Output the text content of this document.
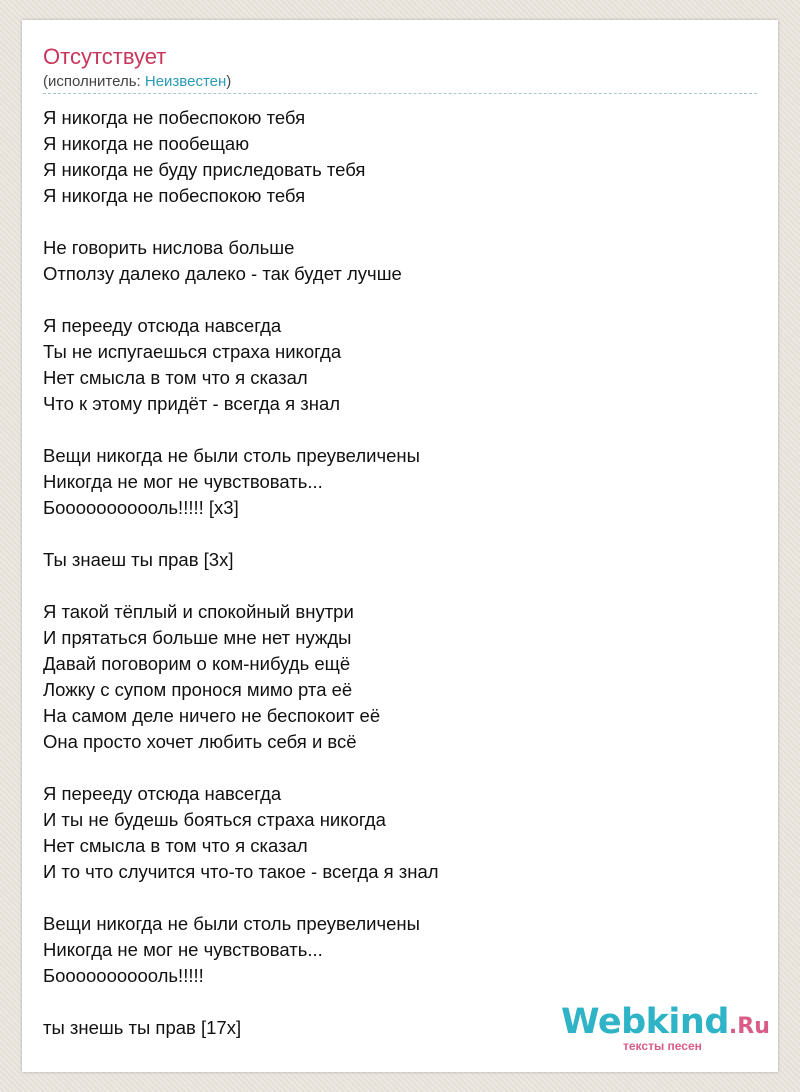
Отсутствует
(исполнитель: Неизвестен)
Я никогда не побеспокою тебя
Я никогда не пообещаю
Я никогда не буду приследовать тебя
Я никогда не побеспокою тебя
Не говорить нислова больше
Отползу далеко далеко - так будет лучше
Я перееду отсюда навсегда
Ты не испугаешься страха никогда
Нет смысла в том что я сказал
Что к этому придёт - всегда я знал
Вещи никогда не были столь преувеличены
Никогда не мог не чувствовать...
Бооооооооооль!!!!! [х3]
Ты знаеш ты прав [3х]
Я такой тёплый и спокойный внутри
И прятаться больше мне нет нужды
Давай поговорим о ком-нибудь ещё
Ложку с супом пронося мимо рта её
На самом деле ничего не беспокоит её
Она просто хочет любить себя и всё
Я перееду отсюда навсегда
И ты не будешь бояться страха никогда
Нет смысла в том что я сказал
И то что случится что-то такое - всегда я знал
Вещи никогда не были столь преувеличены
Никогда не мог не чувствовать...
Бооооооооооль!!!!!
ты знешь ты прав [17х]	Webkind.Ru
тексты песен
